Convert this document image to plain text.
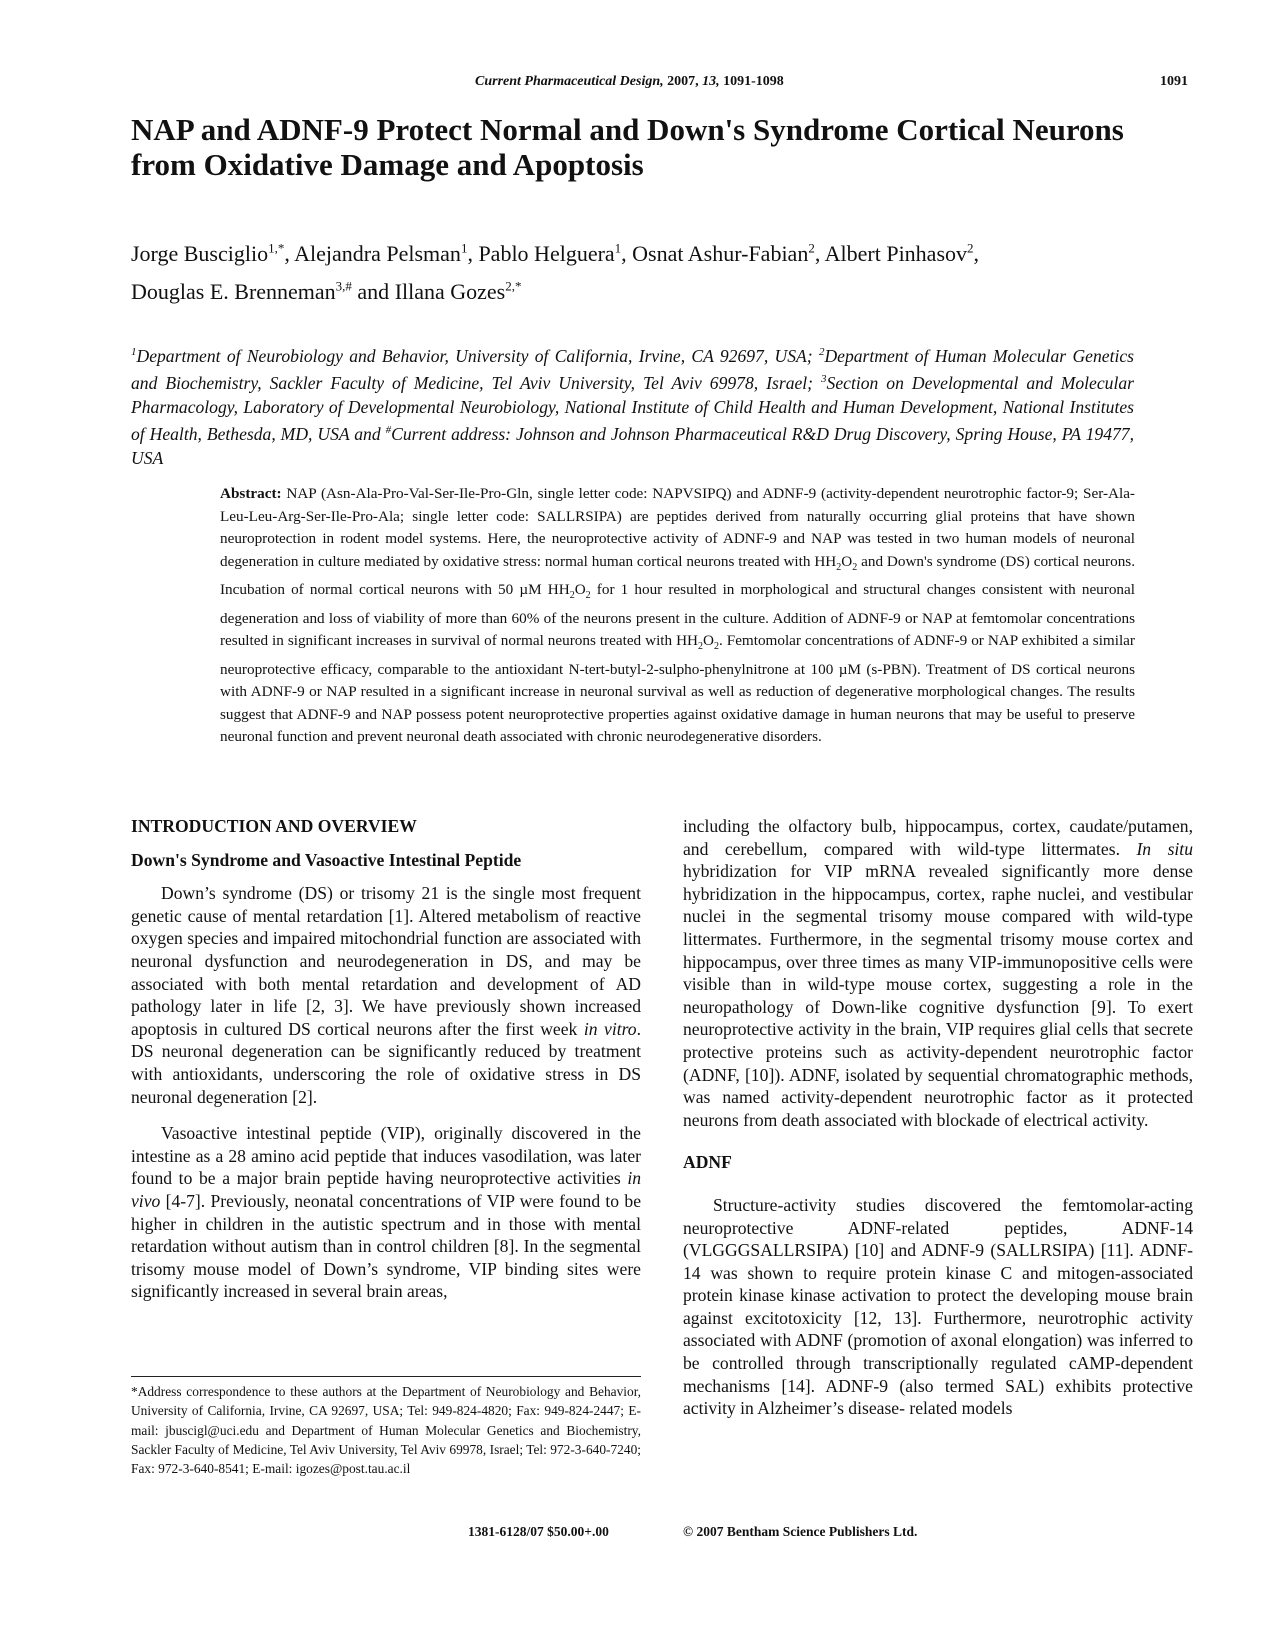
Current Pharmaceutical Design, 2007, 13, 1091-1098	1091
NAP and ADNF-9 Protect Normal and Down's Syndrome Cortical Neurons from Oxidative Damage and Apoptosis
Jorge Busciglio$^{1,*}$, Alejandra Pelsman$^1$, Pablo Helguera$^1$, Osnat Ashur-Fabian$^2$, Albert Pinhasov$^2$,
Douglas E. Brenneman$^{3,\#}$ and Illana Gozes$^{2,*}$
$^1$Department of Neurobiology and Behavior, University of California, Irvine, CA 92697, USA; $^2$Department of Human Molecular Genetics and Biochemistry, Sackler Faculty of Medicine, Tel Aviv University, Tel Aviv 69978, Israel; $^3$Section on Developmental and Molecular Pharmacology, Laboratory of Developmental Neurobiology, National Institute of Child Health and Human Development, National Institutes of Health, Bethesda, MD, USA and #Current address: Johnson and Johnson Pharmaceutical R&D Drug Discovery, Spring House, PA 19477, USA
Abstract: NAP (Asn-Ala-Pro-Val-Ser-Ile-Pro-Gln, single letter code: NAPVSIPQ) and ADNF-9 (activity-dependent neurotrophic factor-9; Ser-Ala-Leu-Leu-Arg-Ser-Ile-Pro-Ala; single letter code: SALLRSIPA) are peptides derived from naturally occurring glial proteins that have shown neuroprotection in rodent model systems. Here, the neuroprotective activity of ADNF-9 and NAP was tested in two human models of neuronal degeneration in culture mediated by oxidative stress: normal human cortical neurons treated with $HH_2O_2$ and Down's syndrome (DS) cortical neurons. Incubation of normal cortical neurons with 50 µM $HH_2O_2$ for 1 hour resulted in morphological and structural changes consistent with neuronal degeneration and loss of viability of more than 60% of the neurons present in the culture. Addition of ADNF-9 or NAP at femtomolar concentrations resulted in significant increases in survival of normal neurons treated with $HH_2O_2$. Femtomolar concentrations of ADNF-9 or NAP exhibited a similar neuroprotective efficacy, comparable to the antioxidant N-tert-butyl-2-sulpho-phenylnitrone at 100 µM (s-PBN). Treatment of DS cortical neurons with ADNF-9 or NAP resulted in a significant increase in neuronal survival as well as reduction of degenerative morphological changes. The results suggest that ADNF-9 and NAP possess potent neuroprotective properties against oxidative damage in human neurons that may be useful to preserve neuronal function and prevent neuronal death associated with chronic neurodegenerative disorders.

INTRODUCTION AND OVERVIEW

Down's Syndrome and Vasoactive Intestinal Peptide

Down’s syndrome (DS) or trisomy 21 is the single most frequent genetic cause of mental retardation [1]. Altered metabolism of reactive oxygen species and impaired mitochondrial function are associated with neuronal dysfunction and neurodegeneration in DS, and may be associated with both mental retardation and development of AD pathology later in life [2, 3]. We have previously shown increased apoptosis in cultured DS cortical neurons after the first week in vitro. DS neuronal degeneration can be significantly reduced by treatment with antioxidants, underscoring the role of oxidative stress in DS neuronal degeneration [2].

Vasoactive intestinal peptide (VIP), originally discovered in the intestine as a 28 amino acid peptide that induces vasodilation, was later found to be a major brain peptide having neuroprotective activities in vivo [4-7]. Previously, neonatal concentrations of VIP were found to be higher in children in the autistic spectrum and in those with mental retardation without autism than in control children [8]. In the segmental trisomy mouse model of Down’s syndrome, VIP binding sites were significantly increased in several brain areas,

including the olfactory bulb, hippocampus, cortex, caudate/putamen, and cerebellum, compared with wild-type littermates. In situ hybridization for VIP mRNA revealed significantly more dense hybridization in the hippocampus, cortex, raphe nuclei, and vestibular nuclei in the segmental trisomy mouse compared with wild-type littermates. Furthermore, in the segmental trisomy mouse cortex and hippocampus, over three times as many VIP-immunopositive cells were visible than in wild-type mouse cortex, suggesting a role in the neuropathology of Down-like cognitive dysfunction [9]. To exert neuroprotective activity in the brain, VIP requires glial cells that secrete protective proteins such as activity-dependent neurotrophic factor (ADNF, [10]). ADNF, isolated by sequential chromatographic methods, was named activity-dependent neurotrophic factor as it protected neurons from death associated with blockade of electrical activity.

ADNF

Structure-activity studies discovered the femtomolar-acting neuroprotective ADNF-related peptides, ADNF-14 (VLGGGSALLRSIPA) [10] and ADNF-9 (SALLRSIPA) [11]. ADNF-14 was shown to require protein kinase C and mitogen-associated protein kinase kinase activation to protect the developing mouse brain against excitotoxicity [12, 13]. Furthermore, neurotrophic activity associated with ADNF (promotion of axonal elongation) was inferred to be controlled through transcriptionally regulated cAMP-dependent mechanisms [14]. ADNF-9 (also termed SAL) exhibits protective activity in Alzheimer’s disease- related models

*Address correspondence to these authors at the Department of Neurobiology and Behavior, University of California, Irvine, CA 92697, USA; Tel: 949-824-4820; Fax: 949-824-2447; E-mail: jbuscigl@uci.edu and Department of Human Molecular Genetics and Biochemistry, Sackler Faculty of Medicine, Tel Aviv University, Tel Aviv 69978, Israel; Tel: 972-3-640-7240; Fax: 972-3-640-8541; E-mail: igozes@post.tau.ac.il
1381-6128/07 $50.00+.00	© 2007 Bentham Science Publishers Ltd.
